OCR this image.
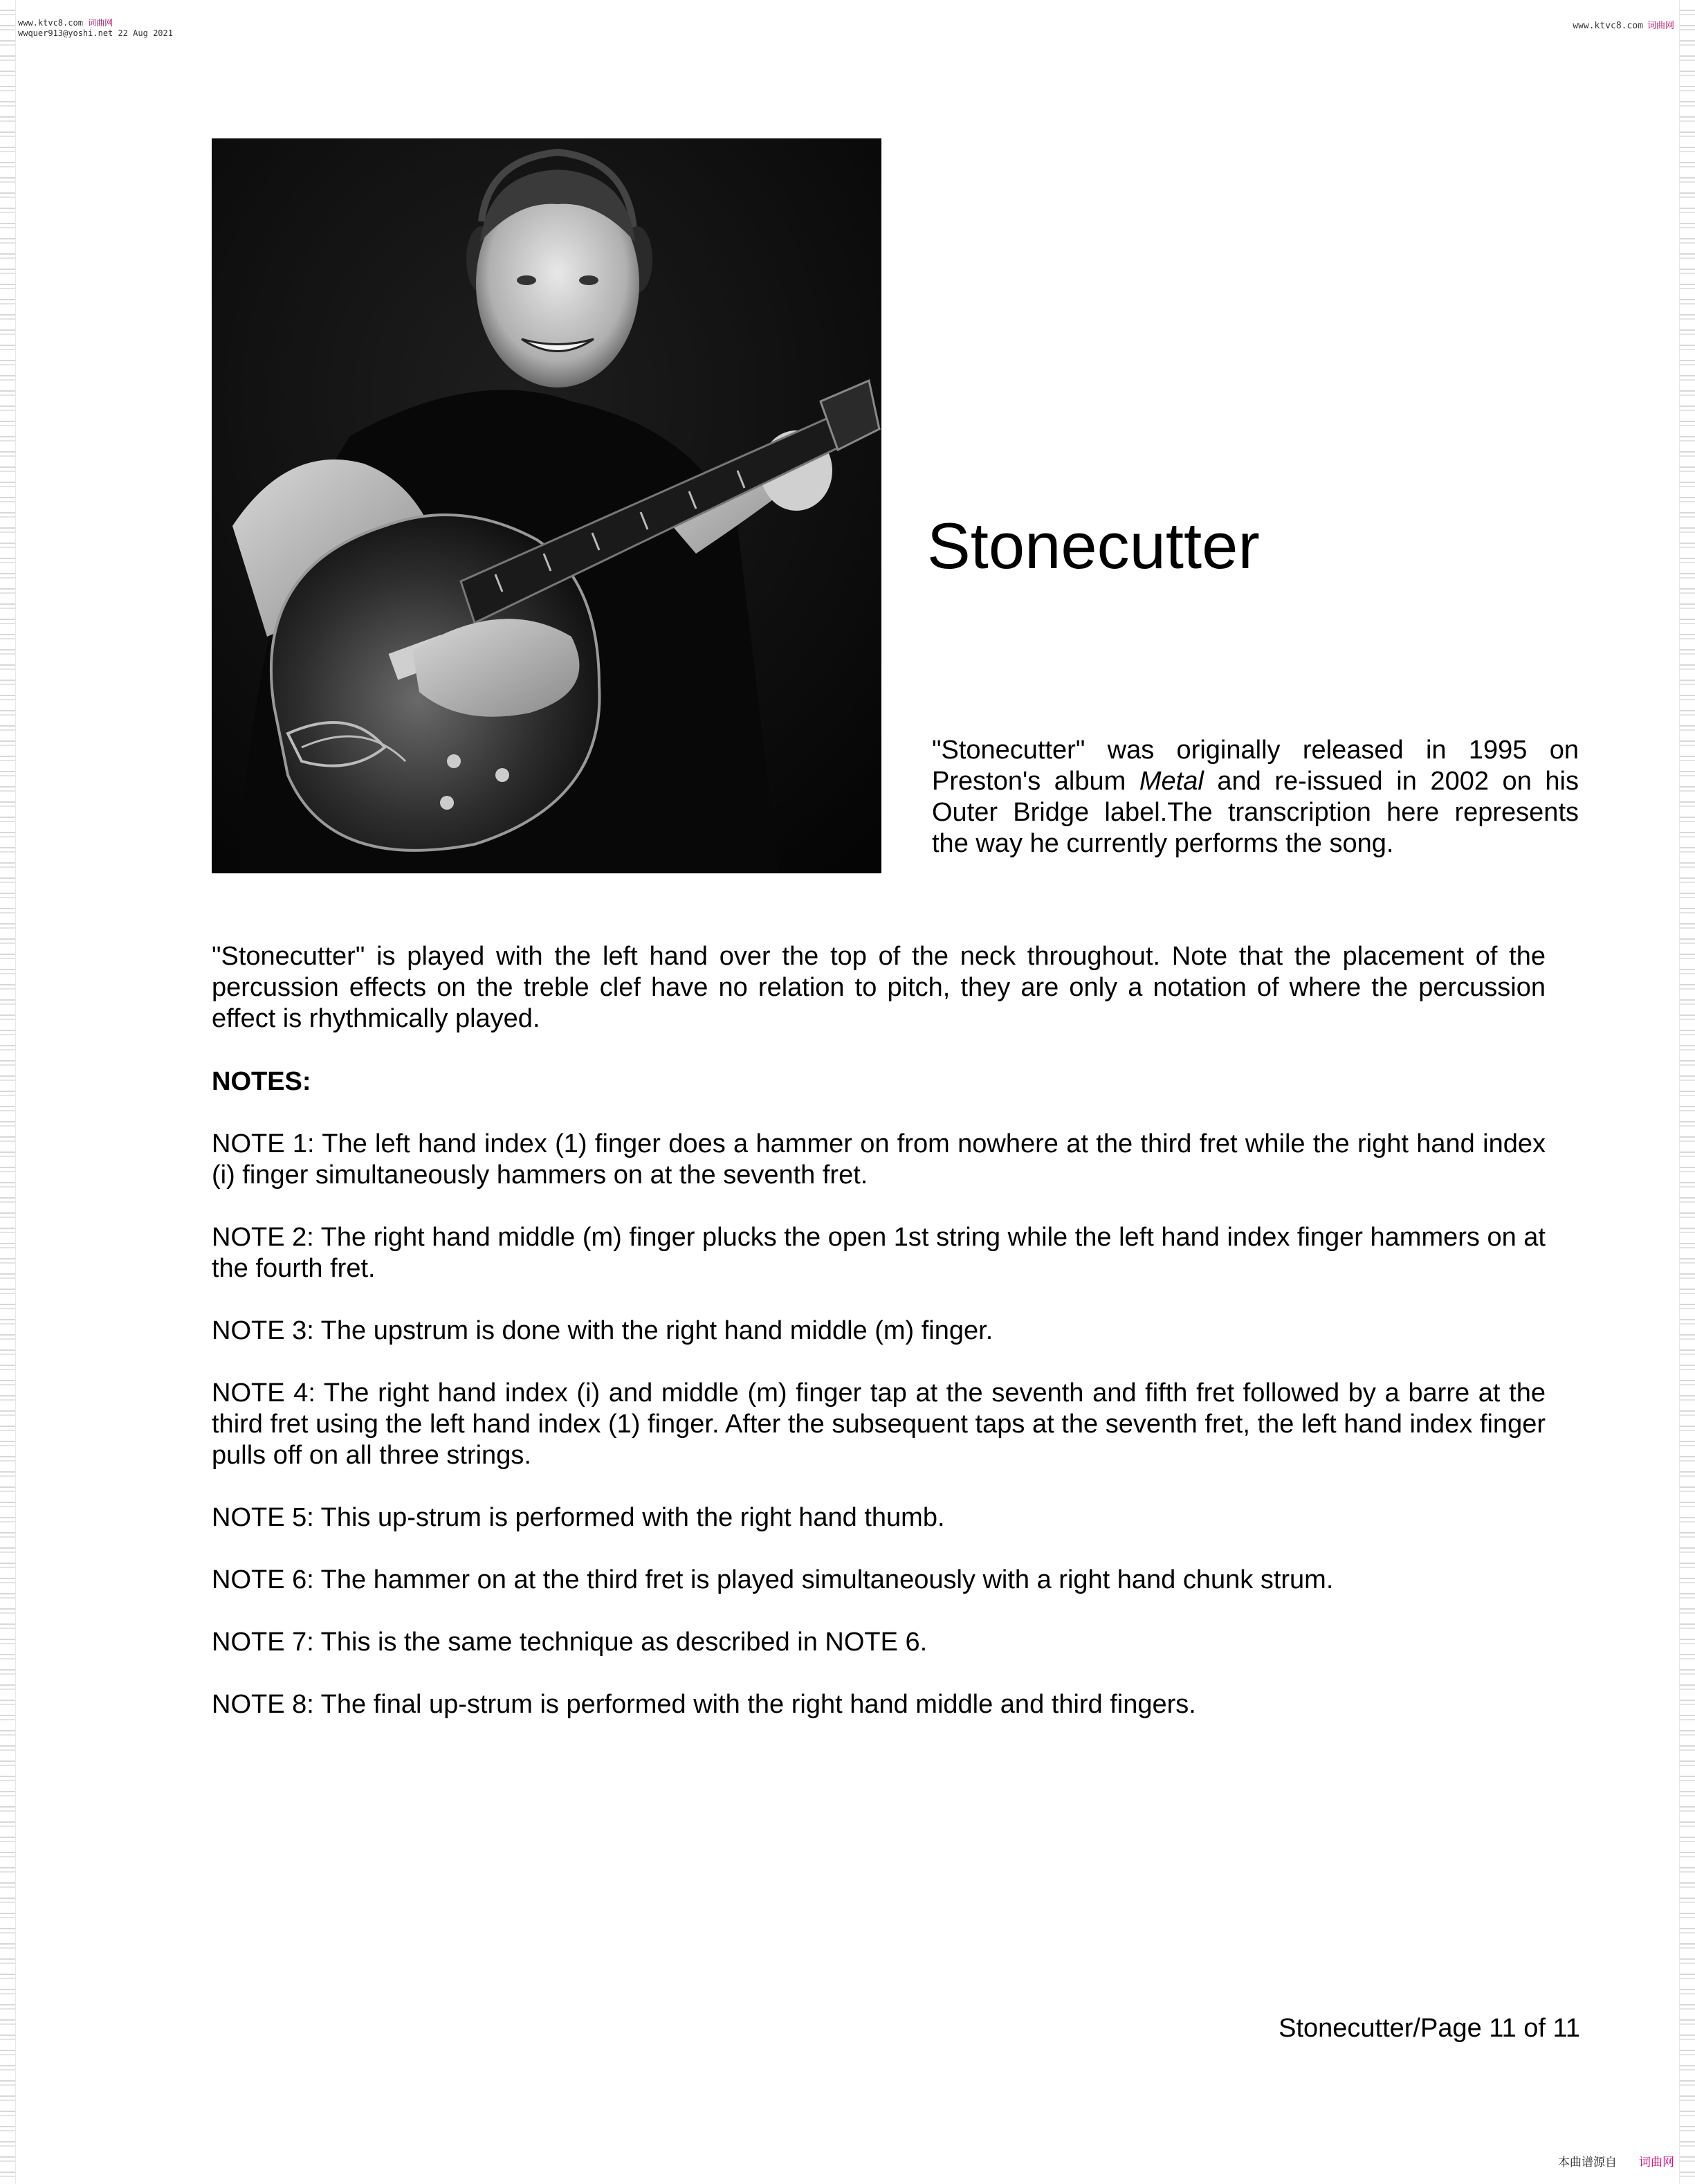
www.ktvc8.com 词曲网
wwquer913@yoshi.net 22 Aug 2021
www.ktvc8.com 词曲网
Stonecutter
"Stonecutter" was originally released in 1995 on Preston's album Metal and re-issued in 2002 on his Outer Bridge label.The transcription here represents the way he currently performs the song.
"Stonecutter" is played with the left hand over the top of the neck throughout. Note that the placement of the percussion effects on the treble clef have no relation to pitch, they are only a notation of where the percussion effect is rhythmically played.
NOTES:
NOTE 1: The left hand index (1) finger does a hammer on from nowhere at the third fret while the right hand index (i) finger simultaneously hammers on at the seventh fret.
NOTE 2: The right hand middle (m) finger plucks the open 1st string while the left hand index finger hammers on at the fourth fret.
NOTE 3: The upstrum is done with the right hand middle (m) finger.
NOTE 4: The right hand index (i) and middle (m) finger tap at the seventh and fifth fret followed by a barre at the third fret using the left hand index (1) finger. After the subsequent taps at the seventh fret, the left hand index finger pulls off on all three strings.
NOTE 5: This up-strum is performed with the right hand thumb.
NOTE 6: The hammer on at the third fret is played simultaneously with a right hand chunk strum.
NOTE 7: This is the same technique as described in NOTE 6.
NOTE 8: The final up-strum is performed with the right hand middle and third fingers.
Stonecutter/Page 11 of 11
本曲谱源自 词曲网
